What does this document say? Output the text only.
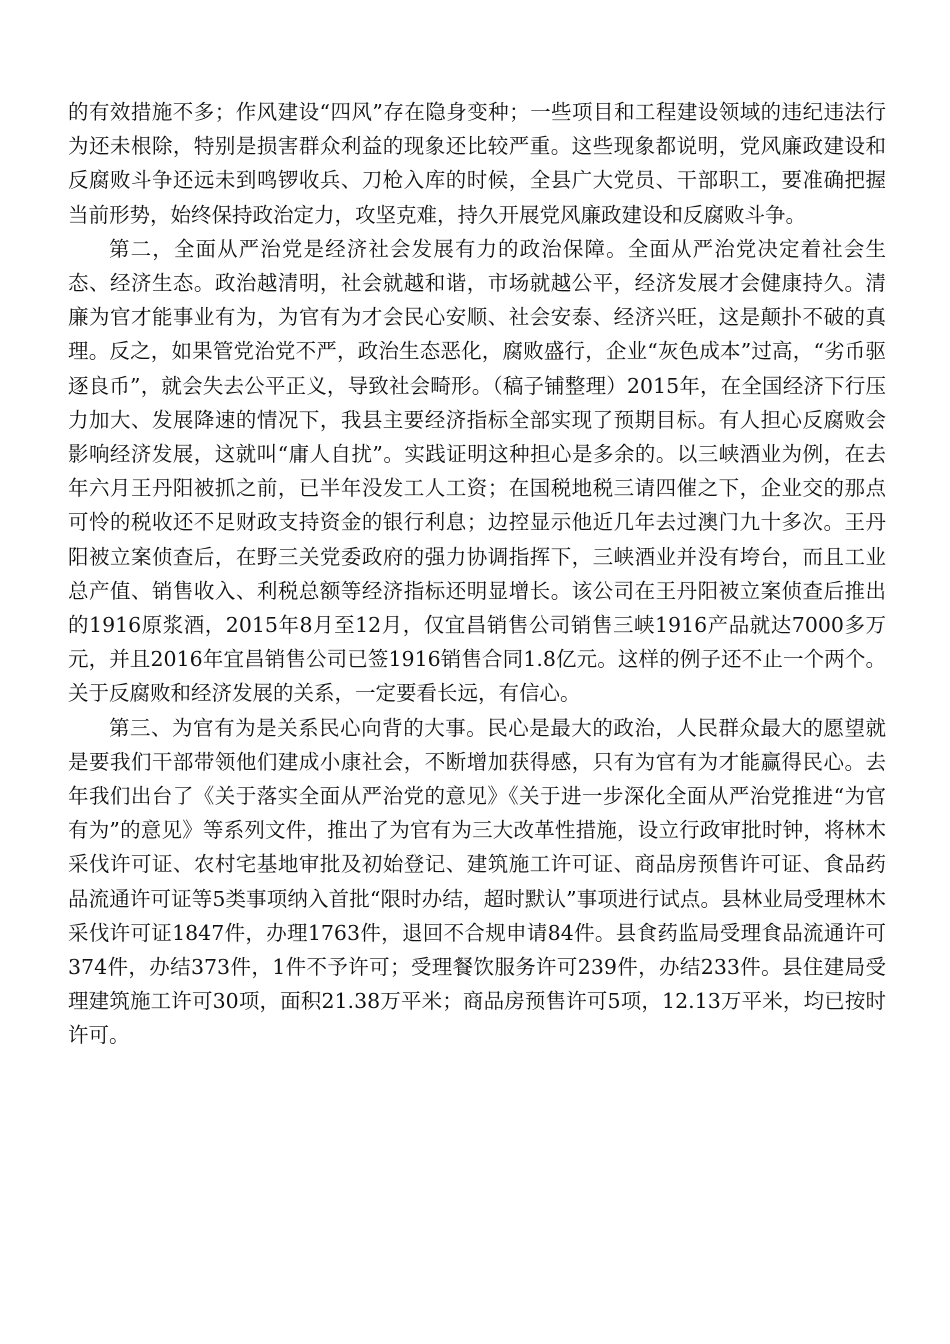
的有效措施不多；作风建设“四风”存在隐身变种；一些项目和工程建设领域的违纪违法行为还未根除，特别是损害群众利益的现象还比较严重。这些现象都说明，党风廉政建设和反腐败斗争还远未到鸣锣收兵、刀枪入库的时候，全县广大党员、干部职工，要准确把握当前形势，始终保持政治定力，攻坚克难，持久开展党风廉政建设和反腐败斗争。

第二，全面从严治党是经济社会发展有力的政治保障。全面从严治党决定着社会生态、经济生态。政治越清明，社会就越和谐，市场就越公平，经济发展才会健康持久。清廉为官才能事业有为，为官有为才会民心安顺、社会安泰、经济兴旺，这是颠扑不破的真理。反之，如果管党治党不严，政治生态恶化，腐败盛行，企业“灰色成本”过高，“劣币驱逐良币”，就会失去公平正义，导致社会畸形。（稿子铺整理）2015年，在全国经济下行压力加大、发展降速的情况下，我县主要经济指标全部实现了预期目标。有人担心反腐败会影响经济发展，这就叫“庸人自扰”。实践证明这种担心是多余的。以三峡酒业为例，在去年六月王丹阳被抓之前，已半年没发工人工资；在国税地税三请四催之下，企业交的那点可怜的税收还不足财政支持资金的银行利息；边控显示他近几年去过澳门九十多次。王丹阳被立案侦查后，在野三关党委政府的强力协调指挥下，三峡酒业并没有垮台，而且工业总产值、销售收入、利税总额等经济指标还明显增长。该公司在王丹阳被立案侦查后推出的1916原浆酒，2015年8月至12月，仅宜昌销售公司销售三峡1916产品就达7000多万元，并且2016年宜昌销售公司已签1916销售合同1.8亿元。这样的例子还不止一个两个。关于反腐败和经济发展的关系，一定要看长远，有信心。

第三、为官有为是关系民心向背的大事。民心是最大的政治，人民群众最大的愿望就是要我们干部带领他们建成小康社会，不断增加获得感，只有为官有为才能赢得民心。去年我们出台了《关于落实全面从严治党的意见》《关于进一步深化全面从严治党推进“为官有为”的意见》等系列文件，推出了为官有为三大改革性措施，设立行政审批时钟，将林木采伐许可证、农村宅基地审批及初始登记、建筑施工许可证、商品房预售许可证、食品药品流通许可证等5类事项纳入首批“限时办结，超时默认”事项进行试点。县林业局受理林木采伐许可证1847件，办理1763件，退回不合规申请84件。县食药监局受理食品流通许可374件，办结373件，1件不予许可；受理餐饮服务许可239件，办结233件。县住建局受理建筑施工许可30项，面积21.38万平米；商品房预售许可5项，12.13万平米，均已按时许可。
